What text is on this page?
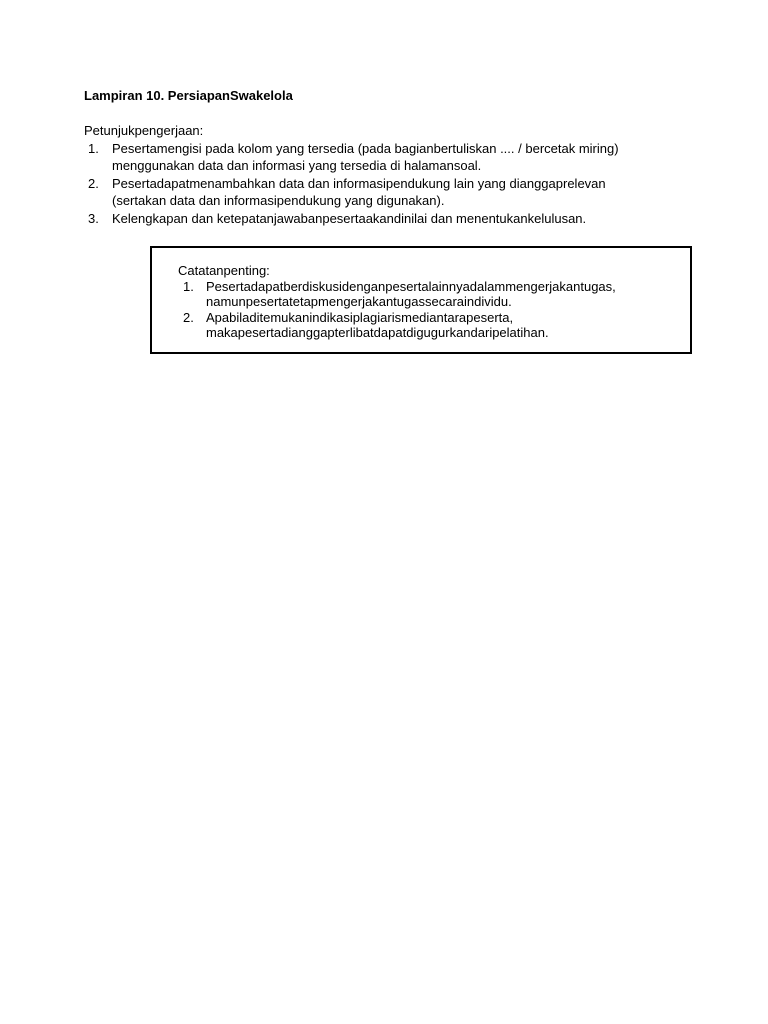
Lampiran 10. PersiapanSwakelola
Petunjukpengerjaan:
1. Pesertamengisi pada kolom yang tersedia (pada bagianbertuliskan .... / bercetak miring)
menggunakan data dan informasi yang tersedia di halamansoal.
2. Pesertadapatmenambahkan data dan informasipendukung lain yang dianggaprelevan
(sertakan data dan informasipendukung yang digunakan).
3. Kelengkapan dan ketepatanjawabanpesertaakandinilai dan menentukankelulusan.
Catatanpenting:
1. Pesertadapatberdiskusidenganpesertalainnyadalammengerjakantugas,
namunpesertatetapmengerjakantugassecaraindividu.
2. Apabiladitemukanindikasiplagiarismediantarapeserta,
makapesertadianggapterlibatdapatdigugurkandaripelatihan.
